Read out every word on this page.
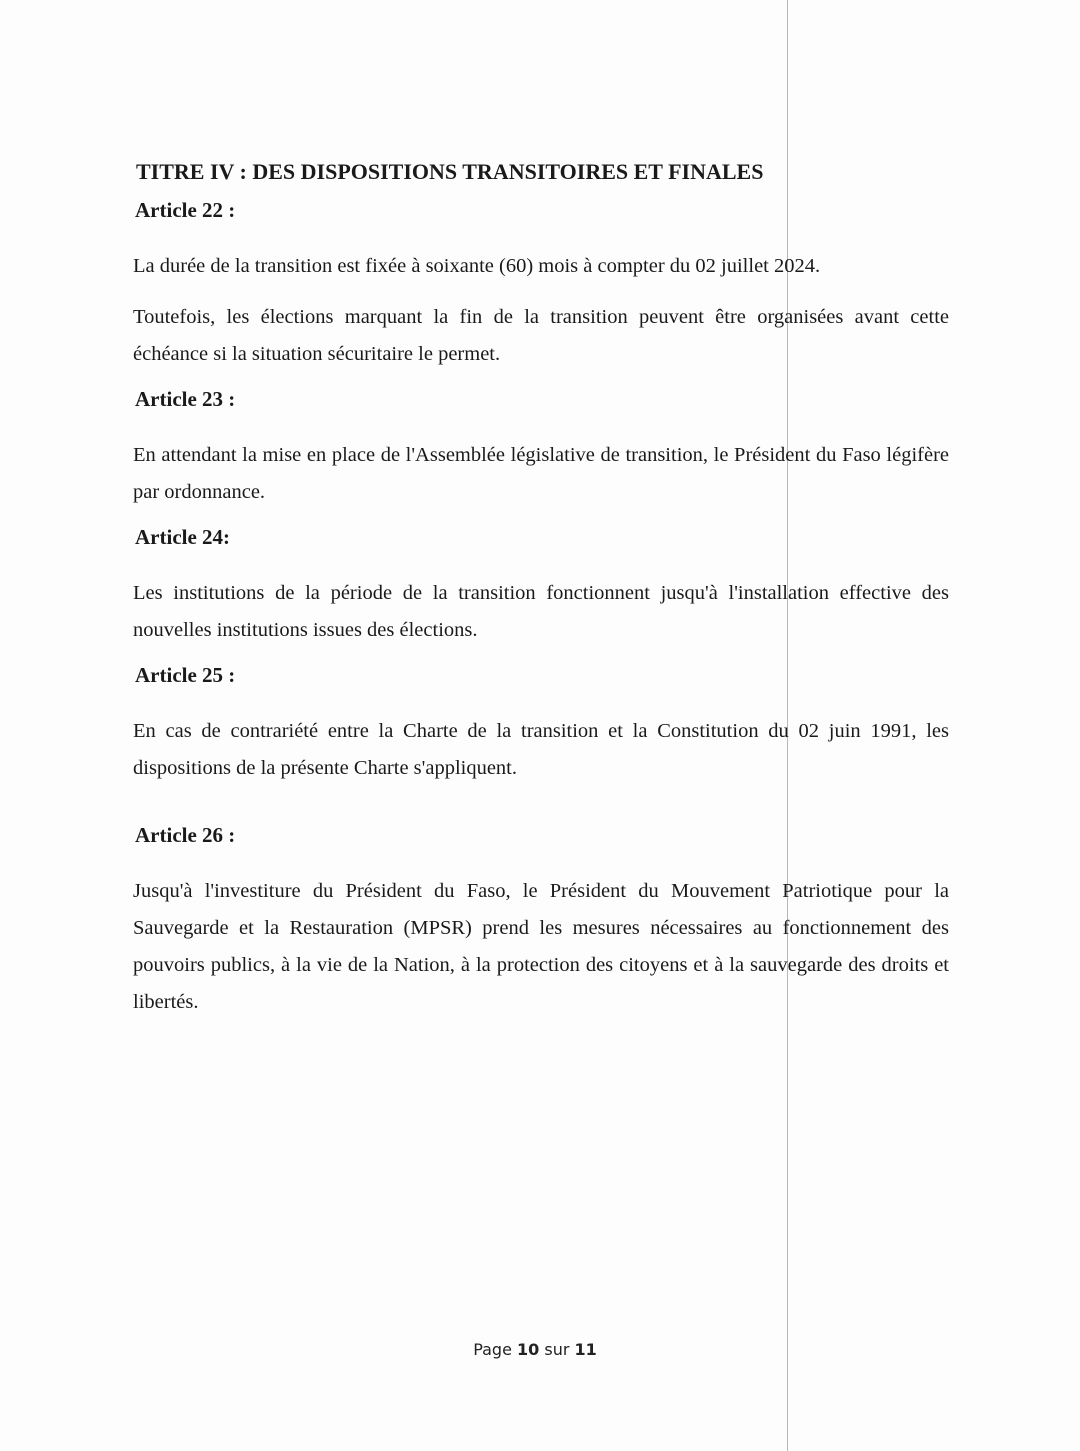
TITRE IV : DES DISPOSITIONS TRANSITOIRES ET FINALES
Article 22 :

La durée de la transition est fixée à soixante (60) mois à compter du 02 juillet 2024.

Toutefois, les élections marquant la fin de la transition peuvent être organisées avant cette échéance si la situation sécuritaire le permet.

Article 23 :

En attendant la mise en place de l'Assemblée législative de transition, le Président du Faso légifère par ordonnance.

Article 24:

Les institutions de la période de la transition fonctionnent jusqu'à l'installation effective des nouvelles institutions issues des élections.

Article 25 :

En cas de contrariété entre la Charte de la transition et la Constitution du 02 juin 1991, les dispositions de la présente Charte s'appliquent.

Article 26 :

Jusqu'à l'investiture du Président du Faso, le Président du Mouvement Patriotique pour la Sauvegarde et la Restauration (MPSR) prend les mesures nécessaires au fonctionnement des pouvoirs publics, à la vie de la Nation, à la protection des citoyens et à la sauvegarde des droits et libertés.

Page 10 sur 11
